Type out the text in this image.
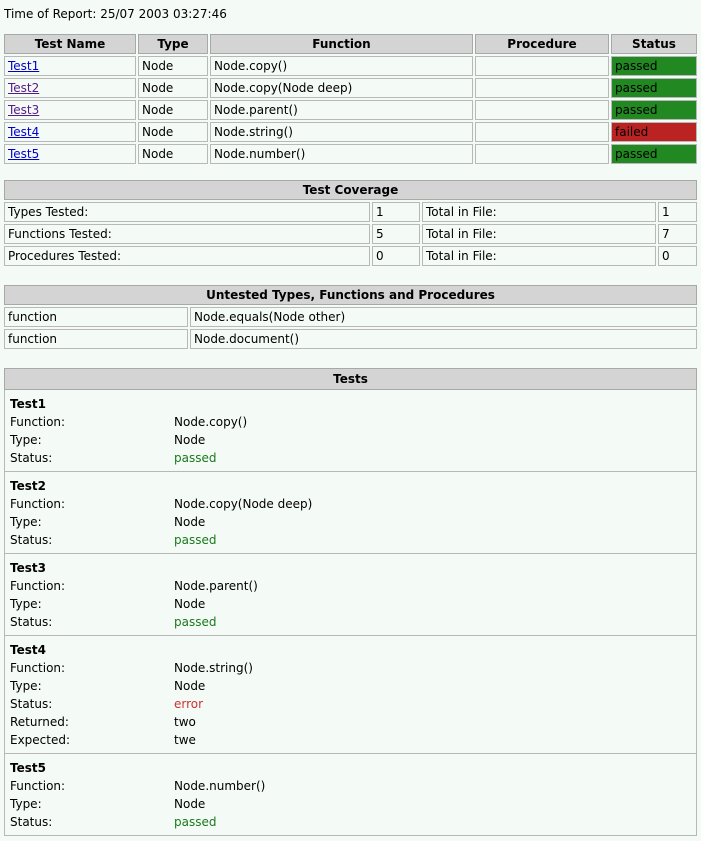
Time of Report: 25/07 2003 03:27:46
Test Name	Type	Function	Procedure	Status
Test1	Node	Node.copy()		passed
Test2	Node	Node.copy(Node deep)		passed
Test3	Node	Node.parent()		passed
Test4	Node	Node.string()		failed
Test5	Node	Node.number()		passed
Test Coverage			
Types Tested:	1	Total in File:	1
Functions Tested:	5	Total in File:	7
Procedures Tested:	0	Total in File:	0
Untested Types, Functions and Procedures	
function	Node.equals(Node other)
function	Node.document()
Tests
Test1
Function:	Node.copy()
Type:	Node
Status:	passed
Test2
Function:	Node.copy(Node deep)
Type:	Node
Status:	passed
Test3
Function:	Node.parent()
Type:	Node
Status:	passed
Test4
Function:	Node.string()
Type:	Node
Status:	error
Returned:	two
Expected:	twe
Test5
Function:	Node.number()
Type:	Node
Status:	passed
